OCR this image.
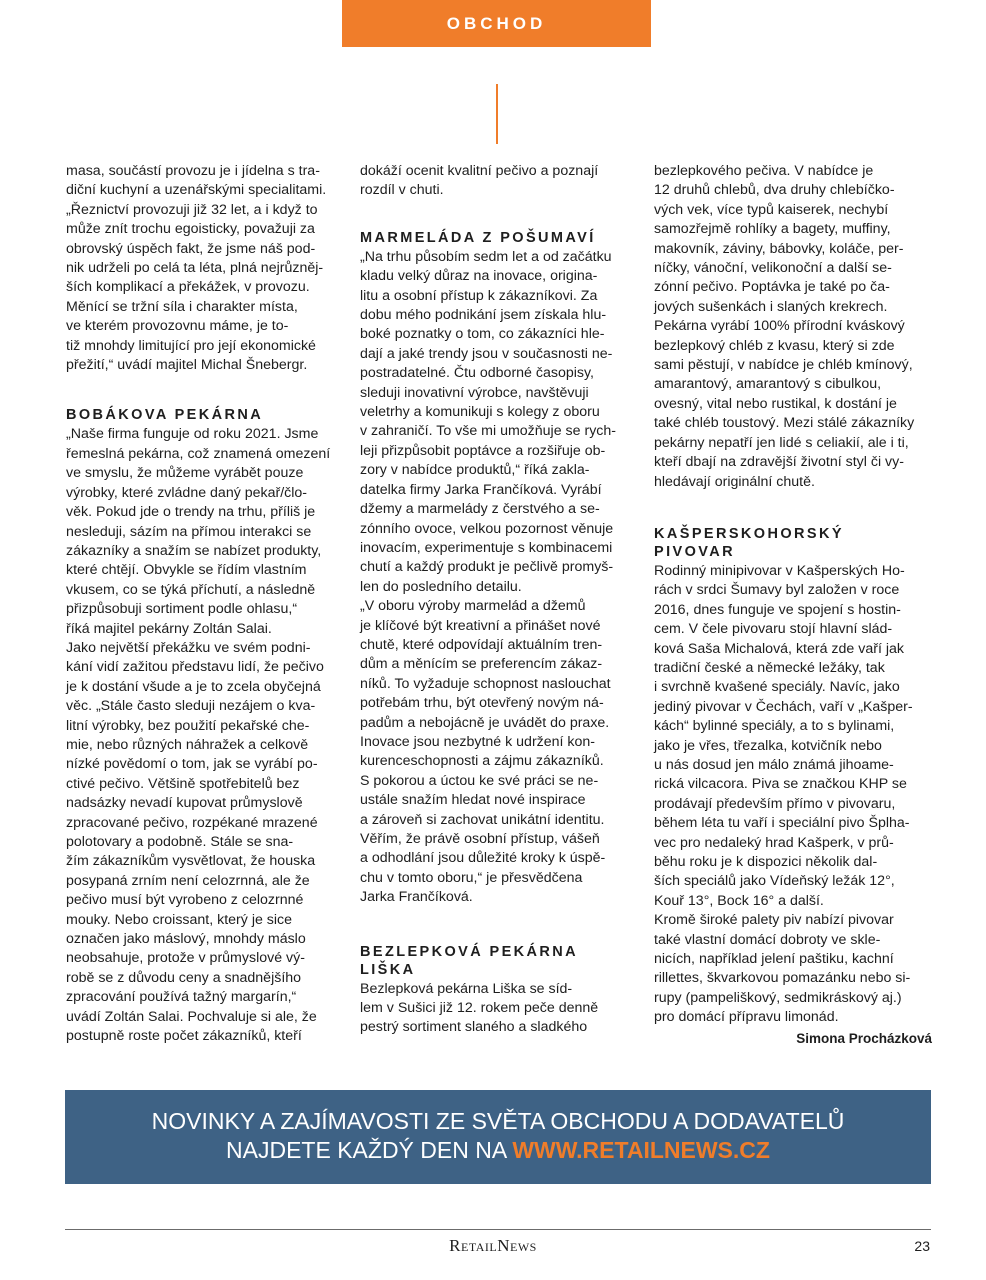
OBCHOD
masa, součástí provozu je i jídelna s tra-
diční kuchyní a uzenářskými specialitami.
„Řeznictví provozuji již 32 let, a i když to
může znít trochu egoisticky, považuji za
obrovský úspěch fakt, že jsme náš pod-
nik udrželi po celá ta léta, plná nejrůzněj-
ších komplikací a překážek, v provozu.
Měnící se tržní síla i charakter místa,
ve kterém provozovnu máme, je to-
tiž mnohdy limitující pro její ekonomické
přežití,“ uvádí majitel Michal Šnebergr.
BOBÁKOVA PEKÁRNA
„Naše firma funguje od roku 2021. Jsme
řemeslná pekárna, což znamená omezení
ve smyslu, že můžeme vyrábět pouze
výrobky, které zvládne daný pekař/člo-
věk. Pokud jde o trendy na trhu, příliš je
nesleduji, sázím na přímou interakci se
zákazníky a snažím se nabízet produkty,
které chtějí. Obvykle se řídím vlastním
vkusem, co se týká příchutí, a následně
přizpůsobuji sortiment podle ohlasu,“
říká majitel pekárny Zoltán Salai.
Jako největší překážku ve svém podni-
kání vidí zažitou představu lidí, že pečivo
je k dostání všude a je to zcela obyčejná
věc. „Stále často sleduji nezájem o kva-
litní výrobky, bez použití pekařské che-
mie, nebo různých náhražek a celkově
nízké povědomí o tom, jak se vyrábí po-
ctivé pečivo. Většině spotřebitelů bez
nadsázky nevadí kupovat průmyslově
zpracované pečivo, rozpékané mrazené
polotovary a podobně. Stále se sna-
žím zákazníkům vysvětlovat, že houska
posypaná zrním není celozrnná, ale že
pečivo musí být vyrobeno z celozrnné
mouky. Nebo croissant, který je sice
označen jako máslový, mnohdy máslo
neobsahuje, protože v průmyslové vý-
robě se z důvodu ceny a snadnějšího
zpracování používá tažný margarín,“
uvádí Zoltán Salai. Pochvaluje si ale, že
postupně roste počet zákazníků, kteří
dokáží ocenit kvalitní pečivo a poznají
rozdíl v chuti.
MARMELÁDA Z POŠUMAVÍ
„Na trhu působím sedm let a od začátku
kladu velký důraz na inovace, origina-
litu a osobní přístup k zákazníkovi. Za
dobu mého podnikání jsem získala hlu-
boké poznatky o tom, co zákazníci hle-
dají a jaké trendy jsou v současnosti ne-
postradatelné. Čtu odborné časopisy,
sleduji inovativní výrobce, navštěvuji
veletrhy a komunikuji s kolegy z oboru
v zahraničí. To vše mi umožňuje se rych-
leji přizpůsobit poptávce a rozšiřuje ob-
zory v nabídce produktů,“ říká zakla-
datelka firmy Jarka Frančíková. Vyrábí
džemy a marmelády z čerstvého a se-
zónního ovoce, velkou pozornost věnuje
inovacím, experimentuje s kombinacemi
chutí a každý produkt je pečlivě promyš-
len do posledního detailu.
„V oboru výroby marmelád a džemů
je klíčové být kreativní a přinášet nové
chutě, které odpovídají aktuálním tren-
dům a měnícím se preferencím zákaz-
níků. To vyžaduje schopnost naslouchat
potřebám trhu, být otevřený novým ná-
padům a nebojácně je uvádět do praxe.
Inovace jsou nezbytné k udržení kon-
kurenceschopnosti a zájmu zákazníků.
S pokorou a úctou ke své práci se ne-
ustále snažím hledat nové inspirace
a zároveň si zachovat unikátní identitu.
Věřím, že právě osobní přístup, vášeň
a odhodlání jsou důležité kroky k úspě-
chu v tomto oboru,“ je přesvědčena
Jarka Frančíková.
BEZLEPKOVÁ PEKÁRNA
LIŠKA
Bezlepková pekárna Liška se síd-
lem v Sušici již 12. rokem peče denně
pestrý sortiment slaného a sladkého
bezlepkového pečiva. V nabídce je
12 druhů chlebů, dva druhy chlebíčko-
vých vek, více typů kaiserek, nechybí
samozřejmě rohlíky a bagety, muffiny,
makovník, záviny, bábovky, koláče, per-
níčky, vánoční, velikonoční a další se-
zónní pečivo. Poptávka je také po ča-
jových sušenkách i slaných krekrech.
Pekárna vyrábí 100% přírodní kváskový
bezlepkový chléb z kvasu, který si zde
sami pěstují, v nabídce je chléb kmínový,
amarantový, amarantový s cibulkou,
ovesný, vital nebo rustikal, k dostání je
také chléb toustový. Mezi stálé zákazníky
pekárny nepatří jen lidé s celiakií, ale i ti,
kteří dbají na zdravější životní styl či vy-
hledávají originální chutě.
KAŠPERSKOHORSKÝ
PIVOVAR
Rodinný minipivovar v Kašperských Ho-
rách v srdci Šumavy byl založen v roce
2016, dnes funguje ve spojení s hostin-
cem. V čele pivovaru stojí hlavní slád-
ková Saša Michalová, která zde vaří jak
tradiční české a německé ležáky, tak
i svrchně kvašené speciály. Navíc, jako
jediný pivovar v Čechách, vaří v „Kašper-
kách“ bylinné speciály, a to s bylinami,
jako je vřes, třezalka, kotvičník nebo
u nás dosud jen málo známá jihoame-
rická vilcacora. Piva se značkou KHP se
prodávají především přímo v pivovaru,
během léta tu vaří i speciální pivo Šplha-
vec pro nedaleký hrad Kašperk, v prů-
běhu roku je k dispozici několik dal-
ších speciálů jako Vídeňský ležák 12°,
Kouř 13°, Bock 16° a další.
Kromě široké palety piv nabízí pivovar
také vlastní domácí dobroty ve skle-
nicích, například jelení paštiku, kachní
rillettes, škvarkovou pomazánku nebo si-
rupy (pampeliškový, sedmikráskový aj.)
pro domácí přípravu limonád.
Simona Procházková
NOVINKY A ZAJÍMAVOSTI ZE SVĚTA OBCHODU A DODAVATELŮ
NAJDETE KAŽDÝ DEN NA WWW.RETAILNEWS.CZ
RetailNews	23
